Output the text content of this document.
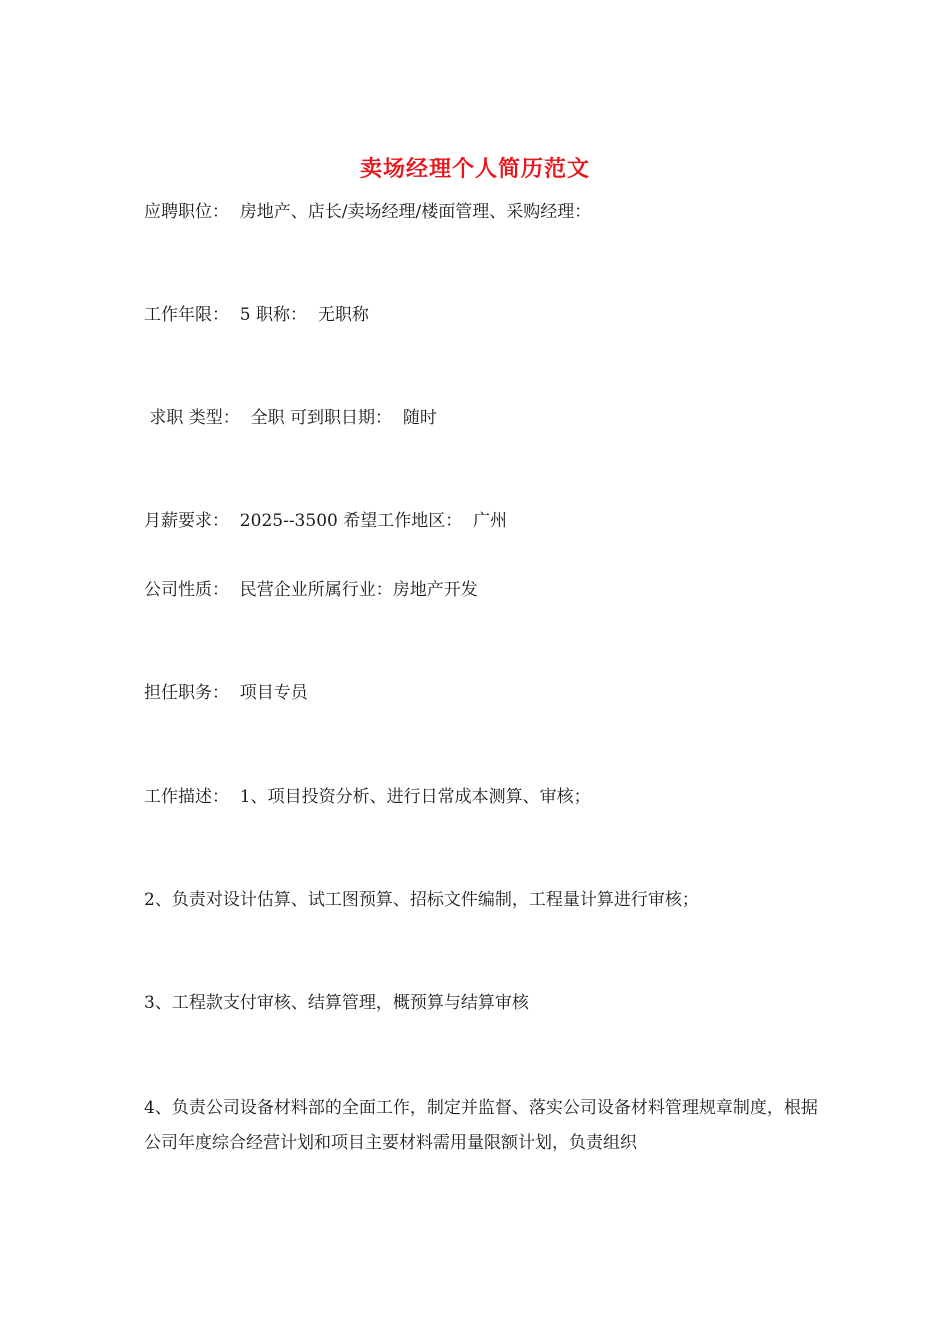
卖场经理个人简历范文
应聘职位：  房地产、店长/卖场经理/楼面管理、采购经理：
工作年限：  5 职称：  无职称
求职 类型：  全职 可到职日期：  随时
月薪要求：  2025--3500 希望工作地区：  广州
公司性质：  民营企业所属行业：房地产开发
担任职务：  项目专员
工作描述：  1、项目投资分析、进行日常成本测算、审核；
2、负责对设计估算、试工图预算、招标文件编制，工程量计算进行审核；
3、工程款支付审核、结算管理，概预算与结算审核
4、负责公司设备材料部的全面工作，制定并监督、落实公司设备材料管理规章制度，根据公司年度综合经营计划和项目主要材料需用量限额计划，负责组织
